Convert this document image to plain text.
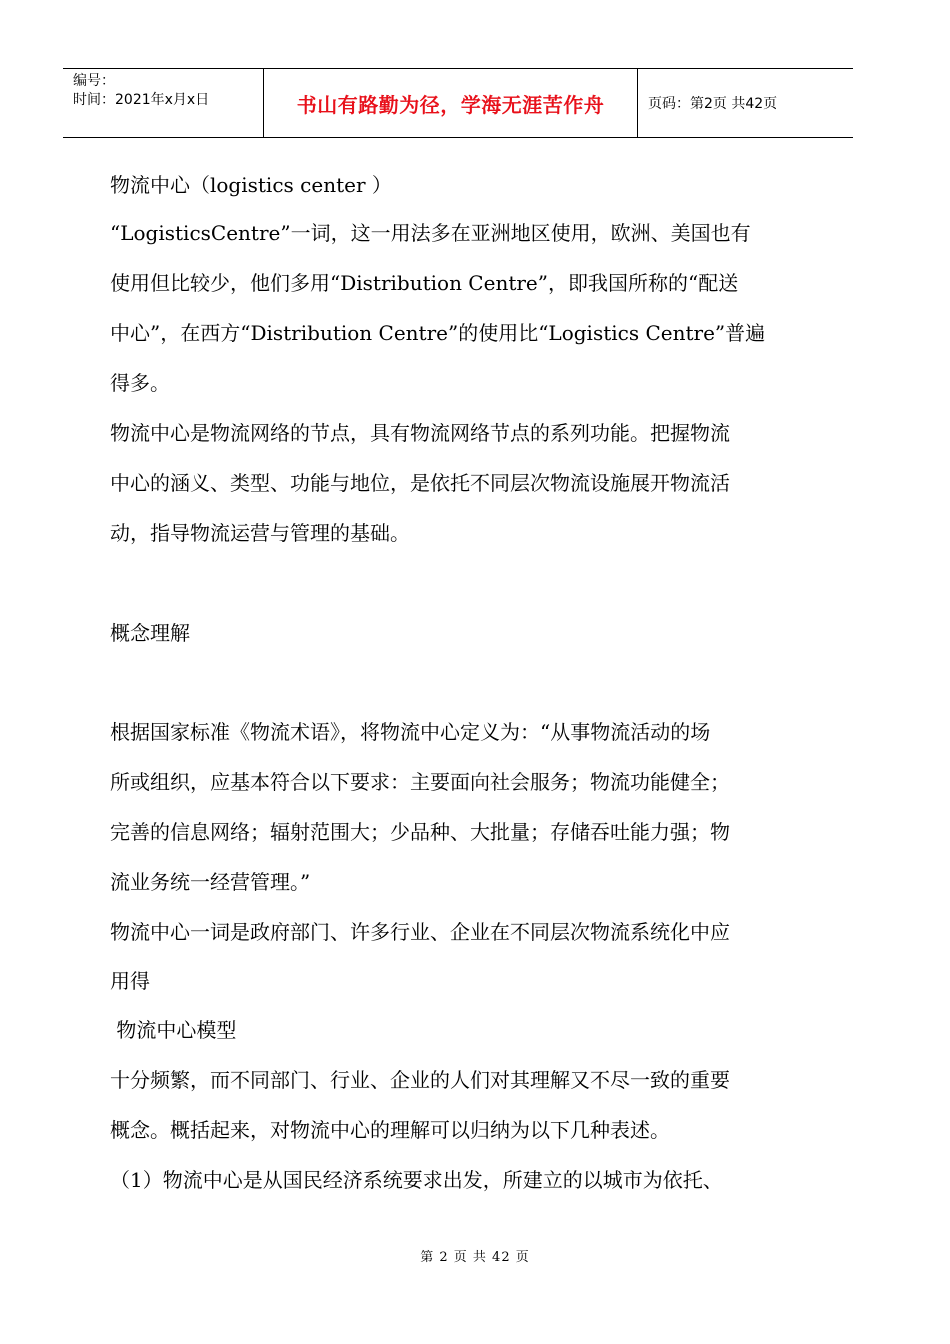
编号：
时间：2021年x月x日	书山有路勤为径，学海无涯苦作舟	页码：第2页 共42页
物流中心（logistics center ）
“LogisticsCentre”一词，这一用法多在亚洲地区使用，欧洲、美国也有
使用但比较少，他们多用“Distribution Centre”，即我国所称的“配送
中心”，在西方“Distribution Centre”的使用比“Logistics Centre”普遍
得多。
物流中心是物流网络的节点，具有物流网络节点的系列功能。把握物流
中心的涵义、类型、功能与地位，是依托不同层次物流设施展开物流活
动，指导物流运营与管理的基础。
概念理解
根据国家标准《物流术语》，将物流中心定义为：“从事物流活动的场
所或组织，应基本符合以下要求：主要面向社会服务；物流功能健全；
完善的信息网络；辐射范围大；少品种、大批量；存储吞吐能力强；物
流业务统一经营管理。”
物流中心一词是政府部门、许多行业、企业在不同层次物流系统化中应
用得
物流中心模型
十分频繁，而不同部门、行业、企业的人们对其理解又不尽一致的重要
概念。概括起来，对物流中心的理解可以归纳为以下几种表述。
（1）物流中心是从国民经济系统要求出发，所建立的以城市为依托、
第 2 页 共 42 页
